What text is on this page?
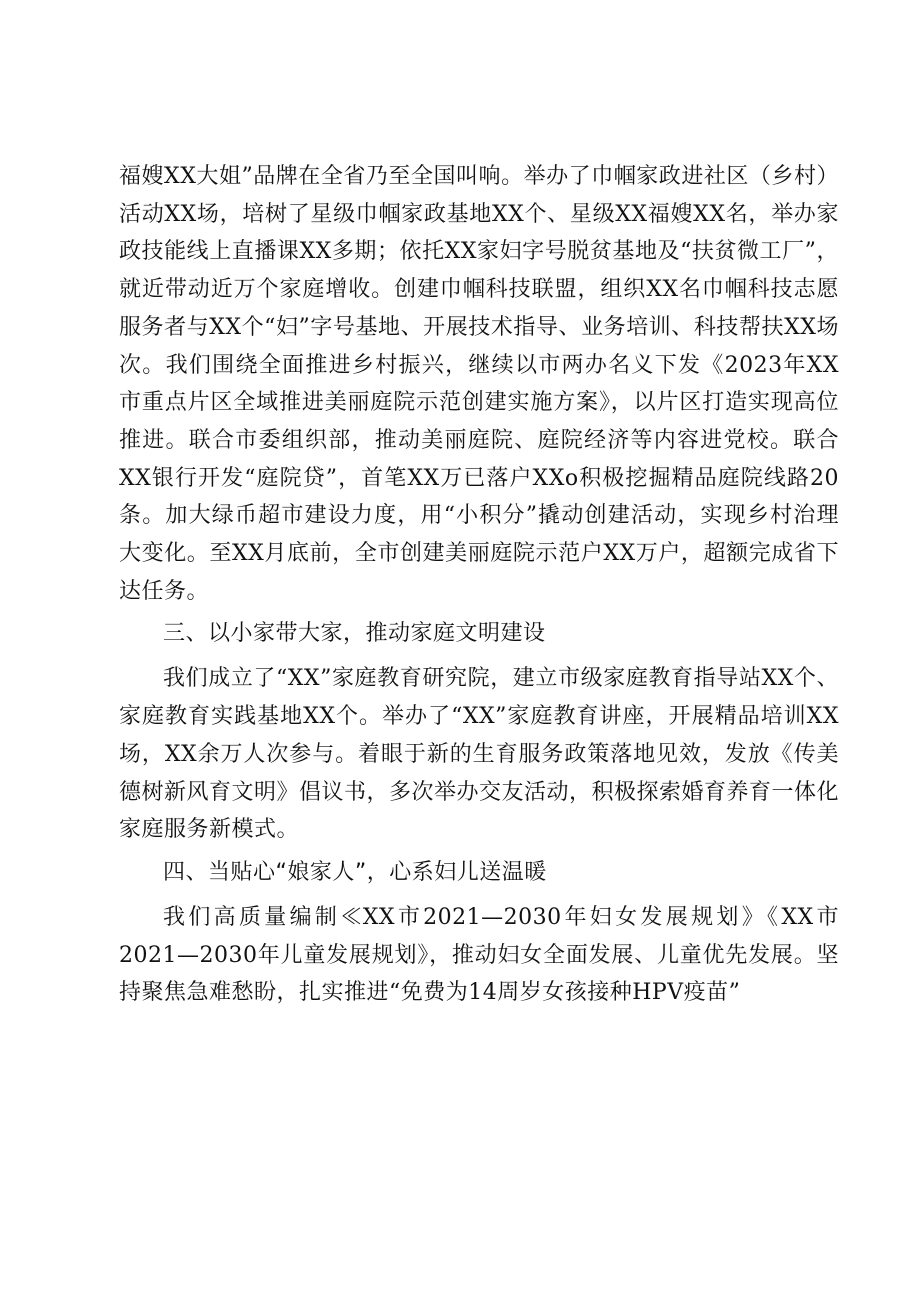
福嫂XX大姐”品牌在全省乃至全国叫响。举办了巾帼家政进社区（乡村）活动XX场，培树了星级巾帼家政基地XX个、星级XX福嫂XX名，举办家政技能线上直播课XX多期；依托XX家妇字号脱贫基地及“扶贫微工厂”，就近带动近万个家庭增收。创建巾帼科技联盟，组织XX名巾帼科技志愿服务者与XX个“妇”字号基地、开展技术指导、业务培训、科技帮扶XX场次。我们围绕全面推进乡村振兴，继续以市两办名义下发《2023年XX市重点片区全域推进美丽庭院示范创建实施方案》，以片区打造实现高位推进。联合市委组织部，推动美丽庭院、庭院经济等内容进党校。联合XX银行开发“庭院贷”，首笔XX万已落户XXo积极挖掘精品庭院线路20条。加大绿币超市建设力度，用“小积分”撬动创建活动，实现乡村治理大变化。至XX月底前，全市创建美丽庭院示范户XX万户，超额完成省下达任务。

三、以小家带大家，推动家庭文明建设

我们成立了“XX”家庭教育研究院，建立市级家庭教育指导站XX个、家庭教育实践基地XX个。举办了“XX”家庭教育讲座，开展精品培训XX场，XX余万人次参与。着眼于新的生育服务政策落地见效，发放《传美德树新风育文明》倡议书，多次举办交友活动，积极探索婚育养育一体化家庭服务新模式。

四、当贴心“娘家人”，心系妇儿送温暖

我们高质量编制≪XX市2021—2030年妇女发展规划》《XX市2021—2030年儿童发展规划》，推动妇女全面发展、儿童优先发展。坚持聚焦急难愁盼，扎实推进“免费为14周岁女孩接种HPV疫苗”
